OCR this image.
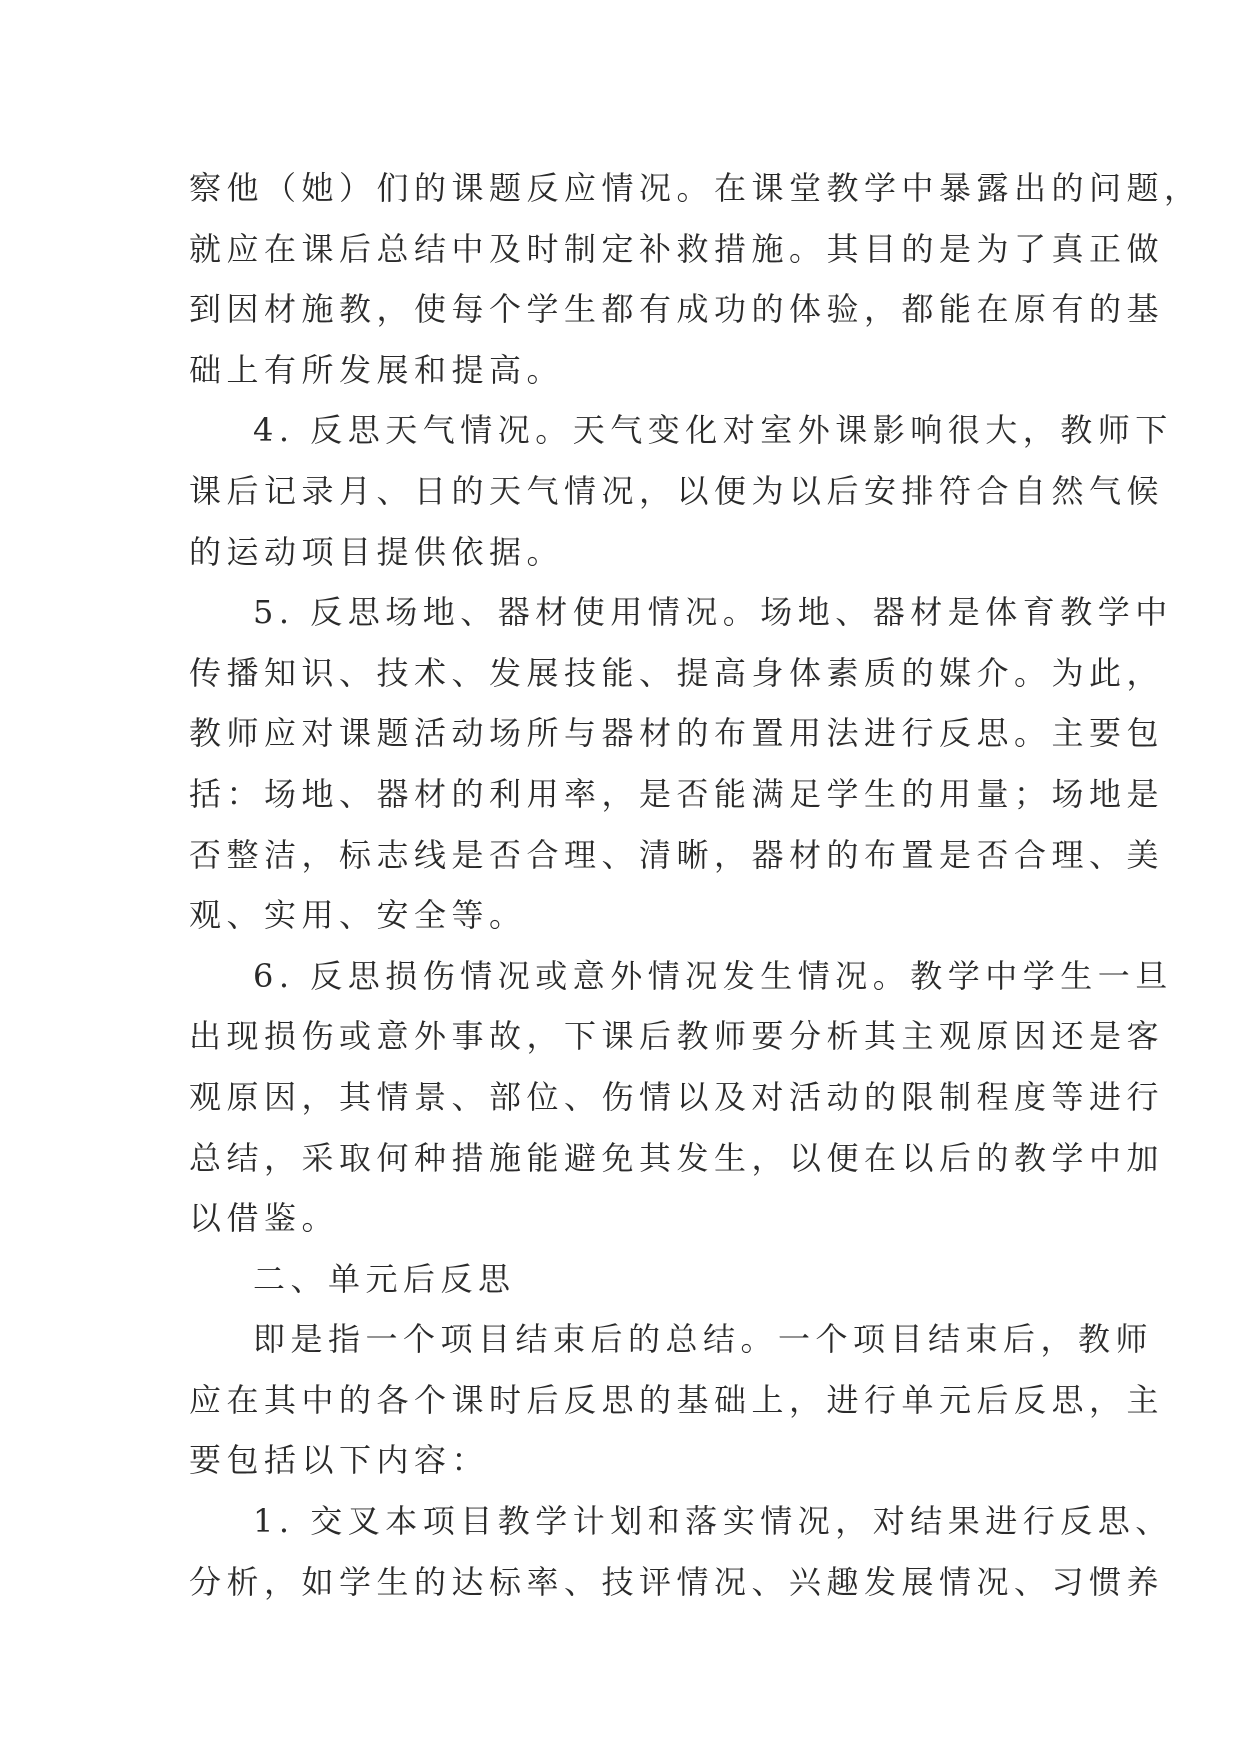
察他（她）们的课题反应情况。在课堂教学中暴露出的问题，
就应在课后总结中及时制定补救措施。其目的是为了真正做
到因材施教，使每个学生都有成功的体验，都能在原有的基
础上有所发展和提高。
4. 反思天气情况。天气变化对室外课影响很大，教师下
课后记录月、日的天气情况，以便为以后安排符合自然气候
的运动项目提供依据。
5. 反思场地、器材使用情况。场地、器材是体育教学中
传播知识、技术、发展技能、提高身体素质的媒介。为此，
教师应对课题活动场所与器材的布置用法进行反思。主要包
括：场地、器材的利用率，是否能满足学生的用量；场地是
否整洁，标志线是否合理、清晰，器材的布置是否合理、美
观、实用、安全等。
6. 反思损伤情况或意外情况发生情况。教学中学生一旦
出现损伤或意外事故，下课后教师要分析其主观原因还是客
观原因，其情景、部位、伤情以及对活动的限制程度等进行
总结，采取何种措施能避免其发生，以便在以后的教学中加
以借鉴。
二、单元后反思
即是指一个项目结束后的总结。一个项目结束后，教师
应在其中的各个课时后反思的基础上，进行单元后反思，主
要包括以下内容：
1. 交叉本项目教学计划和落实情况，对结果进行反思、
分析，如学生的达标率、技评情况、兴趣发展情况、习惯养
